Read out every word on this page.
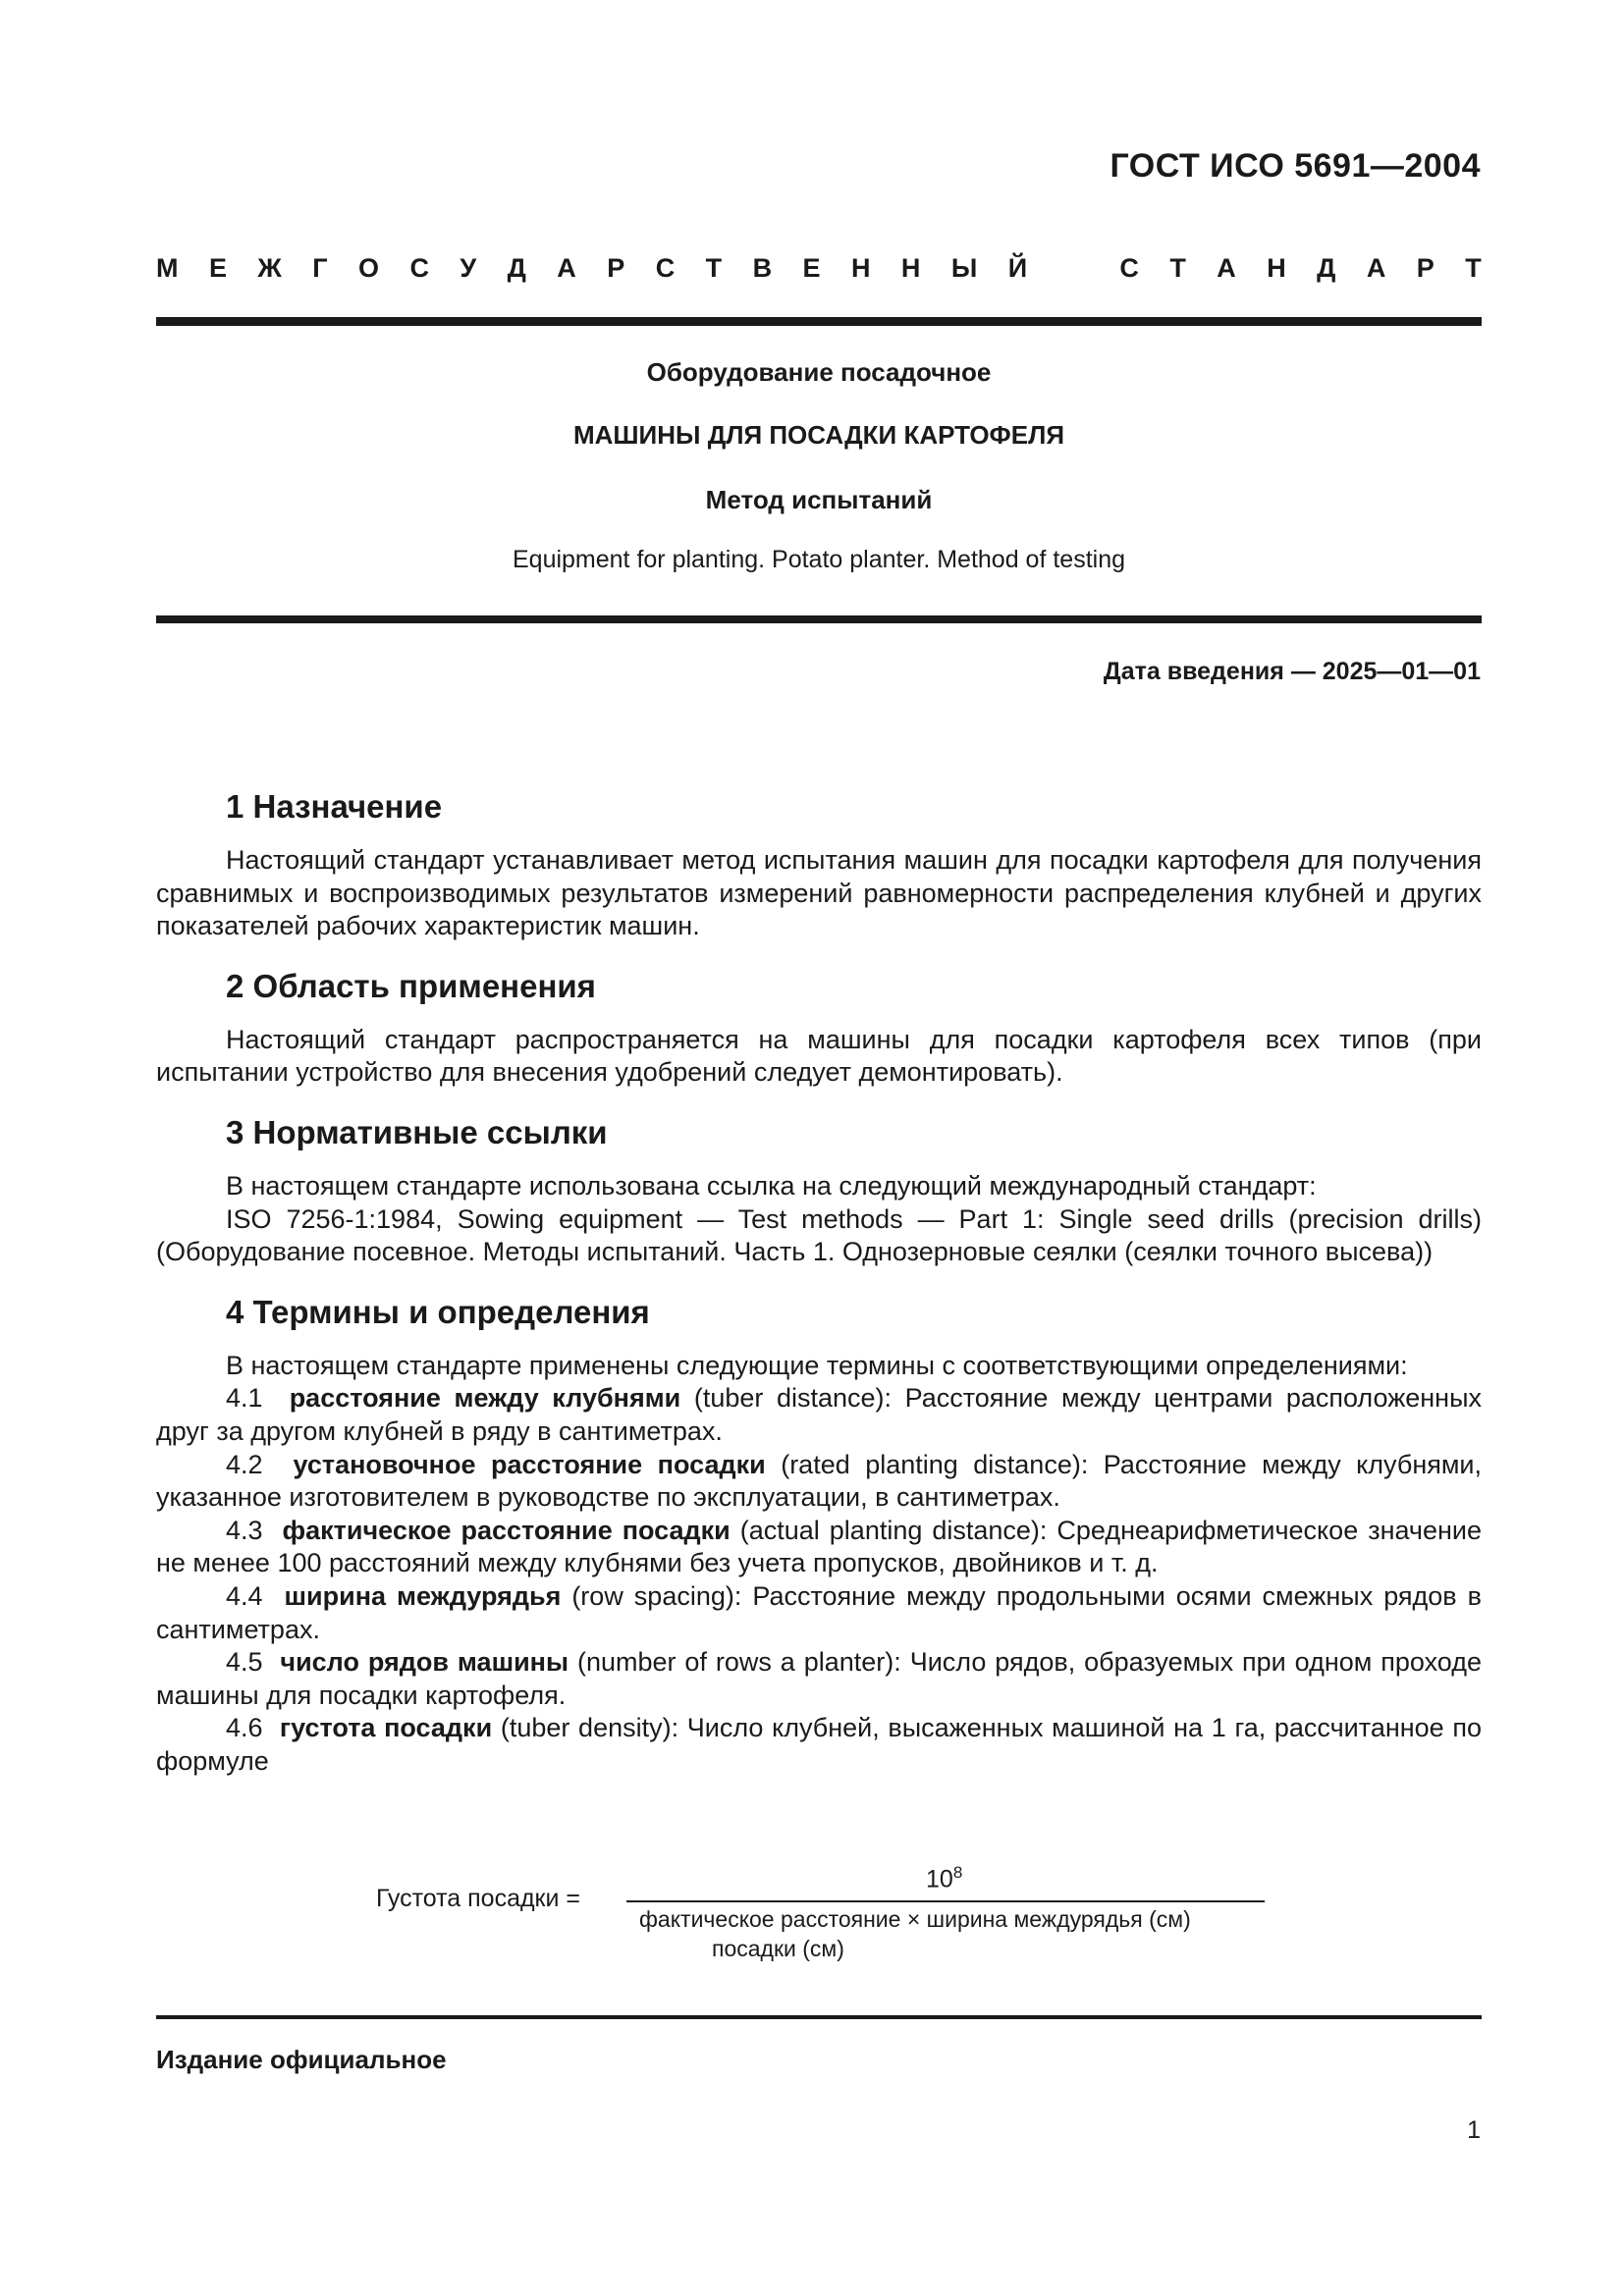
ГОСТ ИСО 5691—2004
М Е Ж Г О С У Д А Р С Т В Е Н Н Ы Й	С Т А Н Д А Р Т
Оборудование посадочное
МАШИНЫ ДЛЯ ПОСАДКИ КАРТОФЕЛЯ
Метод испытаний
Equipment for planting. Potato planter. Method of testing
Дата введения — 2025—01—01
1 Назначение

Настоящий стандарт устанавливает метод испытания машин для посадки картофеля для получения сравнимых и воспроизводимых результатов измерений равномерности распределения клубней и других показателей рабочих характеристик машин.

2 Область применения

Настоящий стандарт распространяется на машины для посадки картофеля всех типов (при испытании устройство для внесения удобрений следует демонтировать).

3 Нормативные ссылки

В настоящем стандарте использована ссылка на следующий международный стандарт:

ISO 7256-1:1984, Sowing equipment — Test methods — Part 1: Single seed drills (precision drills) (Оборудование посевное. Методы испытаний. Часть 1. Однозерновые сеялки (сеялки точного высева))

4 Термины и определения

В настоящем стандарте применены следующие термины с соответствующими определениями:

4.1 расстояние между клубнями (tuber distance): Расстояние между центрами расположенных друг за другом клубней в ряду в сантиметрах.

4.2 установочное расстояние посадки (rated planting distance): Расстояние между клубнями, указанное изготовителем в руководстве по эксплуатации, в сантиметрах.

4.3 фактическое расстояние посадки (actual planting distance): Среднеарифметическое значение не менее 100 расстояний между клубнями без учета пропусков, двойников и т. д.

4.4 ширина междурядья (row spacing): Расстояние между продольными осями смежных рядов в сантиметрах.

4.5 число рядов машины (number of rows a planter): Число рядов, образуемых при одном проходе машины для посадки картофеля.

4.6 густота посадки (tuber density): Число клубней, высаженных машиной на 1 га, рассчитанное по формуле

Густота посадки =
$10^8$
фактическое расстояние × ширина междурядья (см)
посадки (см)
Издание официальное
1
